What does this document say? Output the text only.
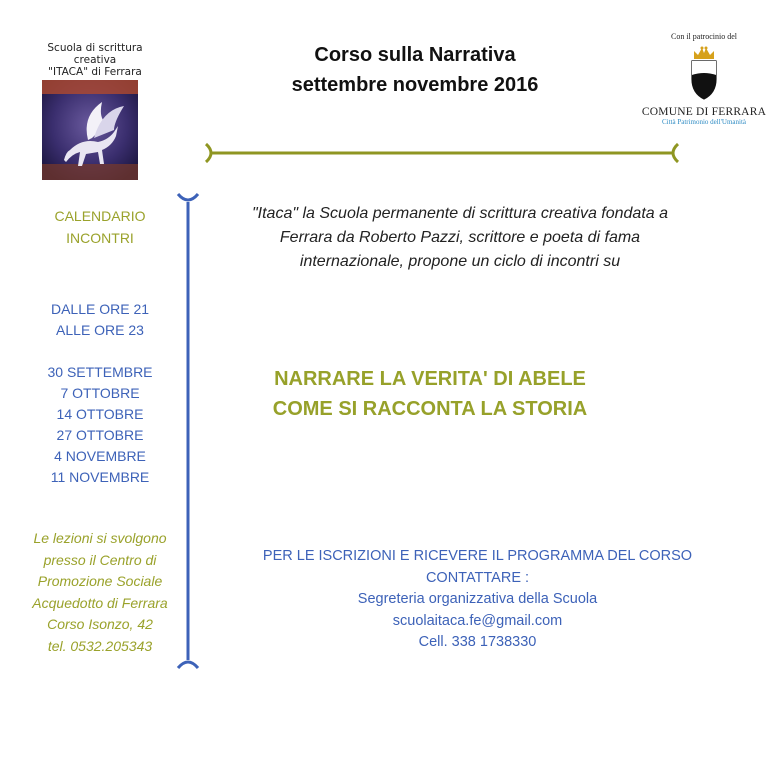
Scuola di scrittura
creativa
"ITACA" di Ferrara
Corso sulla Narrativa
settembre novembre 2016
Con il patrocinio del
COMUNE DI FERRARA
Città Patrimonio dell'Umanità
CALENDARIO
INCONTRI
DALLE ORE 21
ALLE ORE 23
30 SETTEMBRE
7 OTTOBRE
14 OTTOBRE
27 OTTOBRE
4 NOVEMBRE
11 NOVEMBRE
Le lezioni si svolgono
presso il Centro di
Promozione Sociale
Acquedotto di Ferrara
Corso Isonzo, 42
tel. 0532.205343
"Itaca" la Scuola permanente di scrittura creativa fondata a
Ferrara da Roberto Pazzi, scrittore e poeta di fama
internazionale, propone un ciclo di incontri su
NARRARE LA VERITA' DI ABELE
COME SI RACCONTA LA STORIA
PER LE ISCRIZIONI E RICEVERE IL PROGRAMMA DEL CORSO
CONTATTARE :
Segreteria organizzativa della Scuola
scuolaitaca.fe@gmail.com
Cell. 338 1738330
